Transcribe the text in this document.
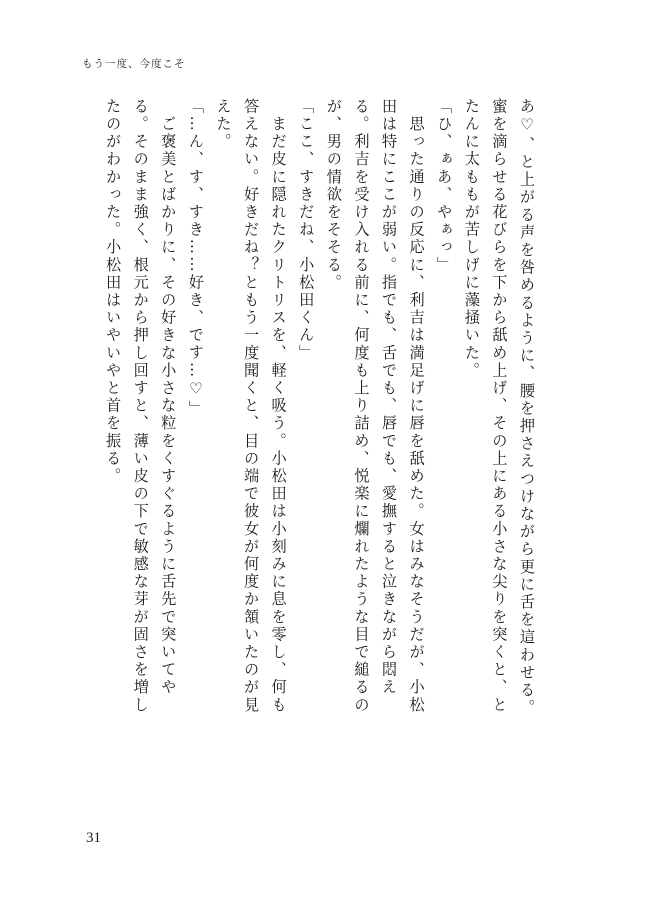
もう一度、今度こそ

あ♡、と上がる声を咎めるように、腰を押さえつけながら更に舌を這わせる。

蜜を滴らせる花びらを下から舐め上げ、その上にある小さな尖りを突くと、と

たんに太ももが苦しげに藻掻いた。

「ひ、ぁあ、やぁっ」

　思った通りの反応に、利吉は満足げに唇を舐めた。女はみなそうだが、小松

田は特にここが弱い。指でも、舌でも、唇でも、愛撫すると泣きながら悶え

る。利吉を受け入れる前に、何度も上り詰め、悦楽に爛れたような目で縋るの

が、男の情欲をそそる。

「ここ、すきだね、小松田くん」

　まだ皮に隠れたクリトリスを、軽く吸う。小松田は小刻みに息を零し、何も

答えない。好きだね？ともう一度聞くと、目の端で彼女が何度か頷いたのが見

えた。

「…ん、す、すき……好き、です…♡」

　ご褒美とばかりに、その好きな小さな粒をくすぐるように舌先で突いてや

る。そのまま強く、根元から押し回すと、薄い皮の下で敏感な芽が固さを増し

たのがわかった。小松田はいやいやと首を振る。

31
